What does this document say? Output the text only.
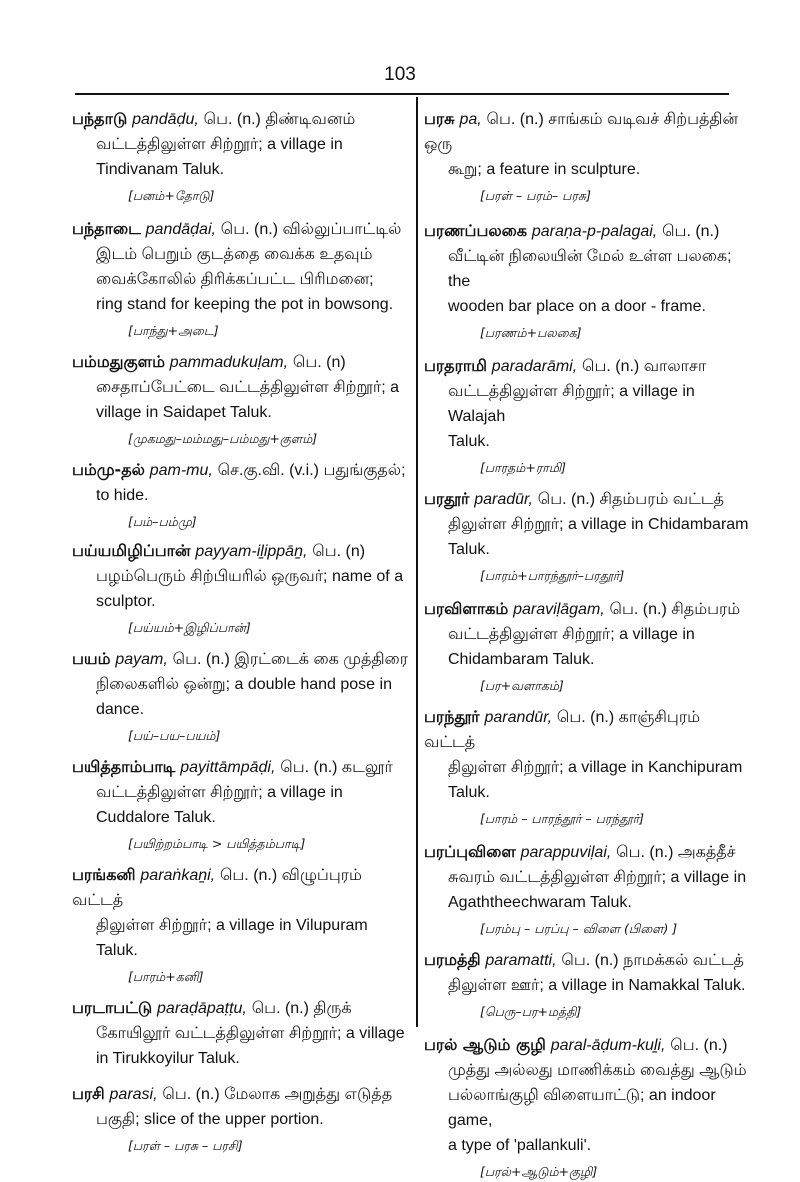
103
பந்தாடு pandāḍu, பெ. (n.) திண்டிவனம்
வட்டத்திலுள்ள சிற்றூர்; a village in
Tindivanam Taluk.
[பனம்+தோடு]
பந்தாடை pandāḍai, பெ. (n.) வில்லுப்பாட்டில்
இடம் பெறும் குடத்தை வைக்க உதவும்
வைக்கோலில் திரிக்கப்பட்ட பிரிமனை;
ring stand for keeping the pot in bowsong.
[பாந்து+அடை]
பம்மதுகுளம் pammadukuḷam, பெ. (n)
சைதாப்பேட்டை வட்டத்திலுள்ள சிற்றூர்; a
village in Saidapet Taluk.
[முகமது–மம்மது–பம்மது+குளம்]
பம்மு-தல் pam-mu, செ.கு.வி. (v.i.) பதுங்குதல்;
to hide.
[பம்–பம்மு]
பய்யமிழிப்பான் payyam-iḻippāṉ, பெ. (n)
பழம்பெரும் சிற்பியரில் ஒருவர்; name of a
sculptor.
[பய்யம்+இழிப்பான்]
பயம் payam, பெ. (n.) இரட்டைக் கை முத்திரை
நிலைகளில் ஒன்று; a double hand pose in
dance.
[பய்–பய–பயம்]
பயித்தாம்பாடி payittāmpāḍi, பெ. (n.) கடலூர்
வட்டத்திலுள்ள சிற்றூர்; a village in
Cuddalore Taluk.
[பயிற்றம்பாடி > பயித்தம்பாடி]
பரங்கனி paraṅkaṉi, பெ. (n.) விழுப்புரம் வட்டத்
திலுள்ள சிற்றூர்; a village in Vilupuram
Taluk.
[பாரம்+கனி]
பரடாபட்டு paraḍāpaṭṭu, பெ. (n.) திருக்
கோயிலூர் வட்டத்திலுள்ள சிற்றூர்; a village
in Tirukkoyilur Taluk.
பரசி parasi, பெ. (n.) மேலாக அறுத்து எடுத்த
பகுதி; slice of the upper portion.
[பரள் – பரசு – பரசி]
பரசு pa, பெ. (n.) சாங்கம் வடிவச் சிற்பத்தின் ஒரு
கூறு; a feature in sculpture.
[பரள் – பரம்– பரசு]
பரணப்பலகை paraṇa-p-palagai, பெ. (n.)
வீட்டின் நிலையின் மேல் உள்ள பலகை; the
wooden bar place on a door - frame.
[பரணம்+பலகை]
பரதராமி paradarāmi, பெ. (n.) வாலாசா
வட்டத்திலுள்ள சிற்றூர்; a village in Walajah
Taluk.
[பாரதம்+ராமி]
பரதூர் paradūr, பெ. (n.) சிதம்பரம் வட்டத்
திலுள்ள சிற்றூர்; a village in Chidambaram
Taluk.
[பாரம்+பாரந்தூர்–பரதூர்]
பரவிளாகம் paraviḷāgam, பெ. (n.) சிதம்பரம்
வட்டத்திலுள்ள சிற்றூர்; a village in
Chidambaram Taluk.
[பர+வளாகம்]
பரந்தூர் parandūr, பெ. (n.) காஞ்சிபுரம் வட்டத்
திலுள்ள சிற்றூர்; a village in Kanchipuram
Taluk.
[பாரம் – பாரந்தூர் – பரந்தூர்]
பரப்புவிளை parappuviḷai, பெ. (n.) அகத்தீச்
சுவரம் வட்டத்திலுள்ள சிற்றூர்; a village in
Agaththeechwaram Taluk.
[பரம்பு – பரப்பு – விளை (பிளை) ]
பரமத்தி paramatti, பெ. (n.) நாமக்கல் வட்டத்
திலுள்ள ஊர்; a village in Namakkal Taluk.
[பெரு–பர+மத்தி]
பரல் ஆடும் குழி paral-āḍum-kuḻi, பெ. (n.)
முத்து அல்லது மாணிக்கம் வைத்து ஆடும்
பல்லாங்குழி விளையாட்டு; an indoor game,
a type of 'pallankuli'.
[பரல்+ஆடும்+குழி]
